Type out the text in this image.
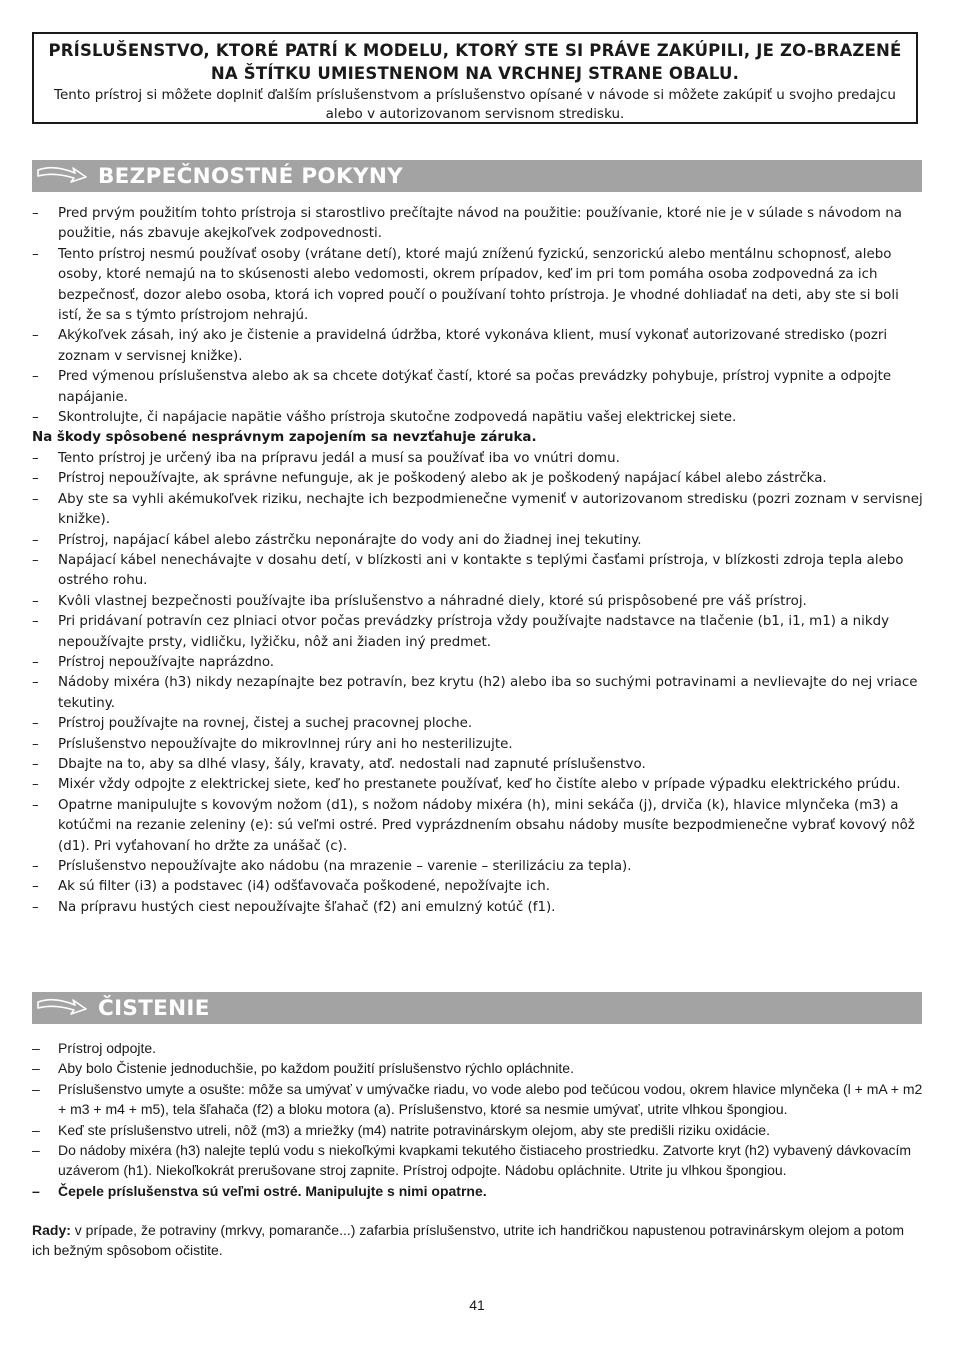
PRÍSLUŠENSTVO, KTORÉ PATRÍ K MODELU, KTORÝ STE SI PRÁVE ZAKÚPILI, JE ZO-BRAZENÉ NA ŠTÍTKU UMIESTNENOM NA VRCHNEJ STRANE OBALU.
Tento prístroj si môžete doplniť ďalším príslušenstvom a príslušenstvo opísané v návode si môžete zakúpiť u svojho predajcu alebo v autorizovanom servisnom stredisku.
BEZPEČNOSTNÉ POKYNY
– Pred prvým použitím tohto prístroja si starostlivo prečítajte návod na použitie: používanie, ktoré nie je v súlade s návodom na použitie, nás zbavuje akejkoľvek zodpovednosti.
– Tento prístroj nesmú používať osoby (vrátane detí), ktoré majú zníženú fyzickú, senzorickú alebo mentálnu schopnosť, alebo osoby, ktoré nemajú na to skúsenosti alebo vedomosti, okrem prípadov, keď im pri tom pomáha osoba zodpovedná za ich bezpečnosť, dozor alebo osoba, ktorá ich vopred poučí o používaní tohto prístroja. Je vhodné dohliadať na deti, aby ste si boli istí, že sa s týmto prístrojom nehrajú.
– Akýkoľvek zásah, iný ako je čistenie a pravidelná údržba, ktoré vykonáva klient, musí vykonať autorizované stredisko (pozri zoznam v servisnej knižke).
– Pred výmenou príslušenstva alebo ak sa chcete dotýkať častí, ktoré sa počas prevádzky pohybuje, prístroj vypnite a odpojte napájanie.
– Skontrolujte, či napájacie napätie vášho prístroja skutočne zodpovedá napätiu vašej elektrickej siete.
Na škody spôsobené nesprávnym zapojením sa nevzťahuje záruka.
– Tento prístroj je určený iba na prípravu jedál a musí sa používať iba vo vnútri domu.
– Prístroj nepoužívajte, ak správne nefunguje, ak je poškodený alebo ak je poškodený napájací kábel alebo zástrčka.
– Aby ste sa vyhli akémukoľvek riziku, nechajte ich bezpodmienečne vymeniť v autorizovanom stredisku (pozri zoznam v servisnej knižke).
– Prístroj, napájací kábel alebo zástrčku neponárajte do vody ani do žiadnej inej tekutiny.
– Napájací kábel nenechávajte v dosahu detí, v blízkosti ani v kontakte s teplými časťami prístroja, v blízkosti zdroja tepla alebo ostrého rohu.
– Kvôli vlastnej bezpečnosti používajte iba príslušenstvo a náhradné diely, ktoré sú prispôsobené pre váš prístroj.
– Pri pridávaní potravín cez plniaci otvor počas prevádzky prístroja vždy používajte nadstavce na tlačenie (b1, i1, m1) a nikdy nepoužívajte prsty, vidličku, lyžičku, nôž ani žiaden iný predmet.
– Prístroj nepoužívajte naprázdno.
– Nádoby mixéra (h3) nikdy nezapínajte bez potravín, bez krytu (h2) alebo iba so suchými potravinami a nevlievajte do nej vriace tekutiny.
– Prístroj používajte na rovnej, čistej a suchej pracovnej ploche.
– Príslušenstvo nepoužívajte do mikrovlnnej rúry ani ho nesterilizujte.
– Dbajte na to, aby sa dlhé vlasy, šály, kravaty, atď. nedostali nad zapnuté príslušenstvo.
– Mixér vždy odpojte z elektrickej siete, keď ho prestanete používať, keď ho čistíte alebo v prípade výpadku elektrického prúdu.
– Opatrne manipulujte s kovovým nožom (d1), s nožom nádoby mixéra (h), mini sekáča (j), drviča (k), hlavice mlynčeka (m3) a kotúčmi na rezanie zeleniny (e): sú veľmi ostré. Pred vyprázdnením obsahu nádoby musíte bezpodmienečne vybrať kovový nôž (d1). Pri vyťahovaní ho držte za unášač (c).
– Príslušenstvo nepoužívajte ako nádobu (na mrazenie – varenie – sterilizáciu za tepla).
– Ak sú filter (i3) a podstavec (i4) odšťavovača poškodené, nepožívajte ich.
– Na prípravu hustých ciest nepoužívajte šľahač (f2) ani emulzný kotúč (f1).
ČISTENIE
– Prístroj odpojte.
– Aby bolo Čistenie jednoduchšie, po každom použití príslušenstvo rýchlo opláchnite.
– Príslušenstvo umyte a osušte: môže sa umývať v umývačke riadu, vo vode alebo pod tečúcou vodou, okrem hlavice mlynčeka (l + mA + m2 + m3 + m4 + m5), tela šľahača (f2) a bloku motora (a). Príslušenstvo, ktoré sa nesmie umývať, utrite vlhkou špongiou.
– Keď ste príslušenstvo utreli, nôž (m3) a mriežky (m4) natrite potravinárskym olejom, aby ste predišli riziku oxidácie.
– Do nádoby mixéra (h3) nalejte teplú vodu s niekoľkými kvapkami tekutého čistiaceho prostriedku. Zatvorte kryt (h2) vybavený dávkovacím uzáverom (h1). Niekoľkokrát prerušovane stroj zapnite. Prístroj odpojte. Nádobu opláchnite. Utrite ju vlhkou špongiou.
– Čepele príslušenstva sú veľmi ostré. Manipulujte s nimi opatrne.
Rady: v prípade, že potraviny (mrkvy, pomaranče...) zafarbia príslušenstvo, utrite ich handričkou napustenou potravinárskym olejom a potom ich bežným spôsobom očistite.
41
